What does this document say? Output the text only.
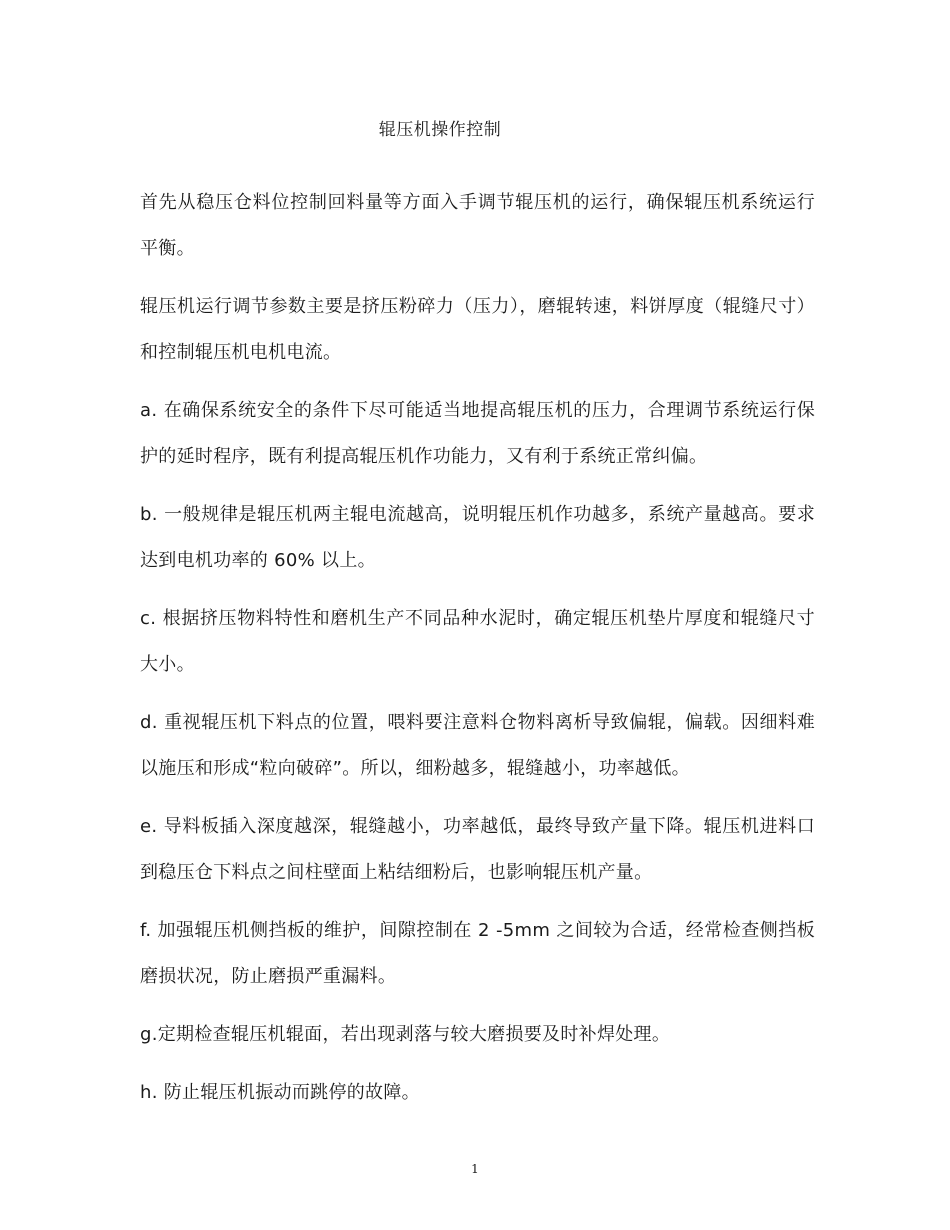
辊压机操作控制

首先从稳压仓料位控制回料量等方面入手调节辊压机的运行，确保辊压机系统运行平衡。

辊压机运行调节参数主要是挤压粉碎力（压力），磨辊转速，料饼厚度（辊缝尺寸）和控制辊压机电机电流。

a. 在确保系统安全的条件下尽可能适当地提高辊压机的压力，合理调节系统运行保护的延时程序，既有利提高辊压机作功能力，又有利于系统正常纠偏。

b. 一般规律是辊压机两主辊电流越高，说明辊压机作功越多，系统产量越高。要求达到电机功率的 60% 以上。

c. 根据挤压物料特性和磨机生产不同品种水泥时，确定辊压机垫片厚度和辊缝尺寸大小。

d. 重视辊压机下料点的位置，喂料要注意料仓物料离析导致偏辊，偏载。因细料难以施压和形成“粒向破碎”。所以，细粉越多，辊缝越小，功率越低。

e. 导料板插入深度越深，辊缝越小，功率越低，最终导致产量下降。辊压机进料口到稳压仓下料点之间柱壁面上粘结细粉后，也影响辊压机产量。

f. 加强辊压机侧挡板的维护，间隙控制在 2 -5mm 之间较为合适，经常检查侧挡板磨损状况，防止磨损严重漏料。

g.定期检查辊压机辊面，若出现剥落与较大磨损要及时补焊处理。

h. 防止辊压机振动而跳停的故障。

1
